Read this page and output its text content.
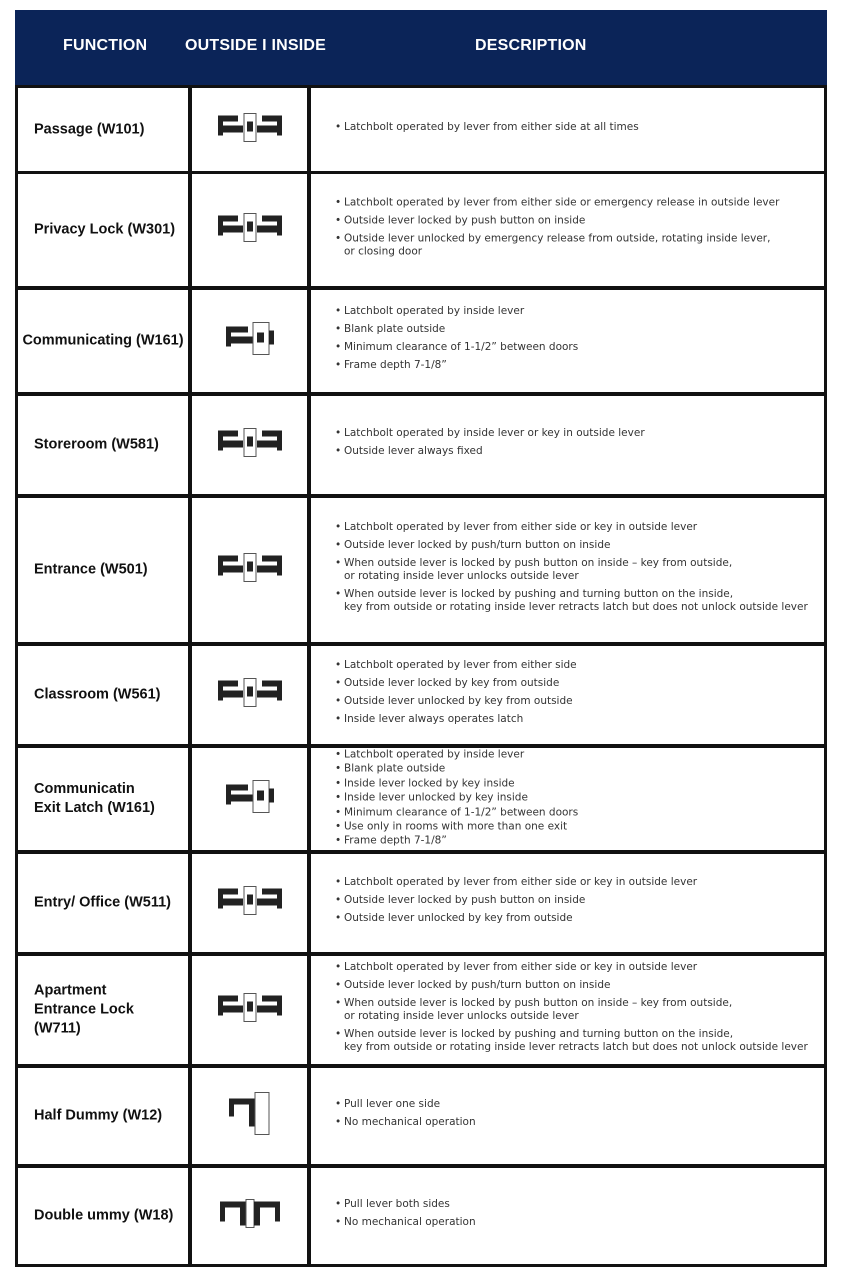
FUNCTION OUTSIDE I INSIDE	DESCRIPTION
Passage (W101)
•	Latchbolt operated by lever from either side at all times
Privacy Lock (W301)
• Latchbolt operated by lever from either side or emergency release in outside lever
• Outside lever locked by push button on inside
• Outside lever unlocked by emergency release from outside, rotating inside lever,
or closing door
Communicating (W161)
• Latchbolt operated by inside lever
• Blank plate outside
• Minimum clearance of 1-1/2” between doors
• Frame depth 7-1/8”
Storeroom (W581)
• Latchbolt operated by inside lever or key in outside lever
• Outside lever always fixed
Entrance (W501)
• Latchbolt operated by lever from either side or key in outside lever
• Outside lever locked by push/turn button on inside
• When outside lever is locked by push button on inside – key from outside,
or rotating inside lever unlocks outside lever
• When outside lever is locked by pushing and turning button on the inside,
key from outside or rotating inside lever retracts latch but does not unlock outside lever
Classroom (W561)
• Latchbolt operated by lever from either side
• Outside lever locked by key from outside
• Outside lever unlocked by key from outside
• Inside lever always operates latch
Communicatin
Exit Latch (W161)
• Latchbolt operated by inside lever
• Blank plate outside
• Inside lever locked by key inside
• Inside lever unlocked by key inside
• Minimum clearance of 1-1/2” between doors
• Use only in rooms with more than one exit
• Frame depth 7-1/8”
Entry/ Office (W511)
• Latchbolt operated by lever from either side or key in outside lever
• Outside lever locked by push button on inside
• Outside lever unlocked by key from outside
Apartment
Entrance Lock (W711)
• Latchbolt operated by lever from either side or key in outside lever
• Outside lever locked by push/turn button on inside
• When outside lever is locked by push button on inside – key from outside,
or rotating inside lever unlocks outside lever
• When outside lever is locked by pushing and turning button on the inside,
key from outside or rotating inside lever retracts latch but does not unlock outside lever
Half Dummy (W12)
• Pull lever one side
• No mechanical operation
Double ummy (W18)
• Pull lever both sides
• No mechanical operation
